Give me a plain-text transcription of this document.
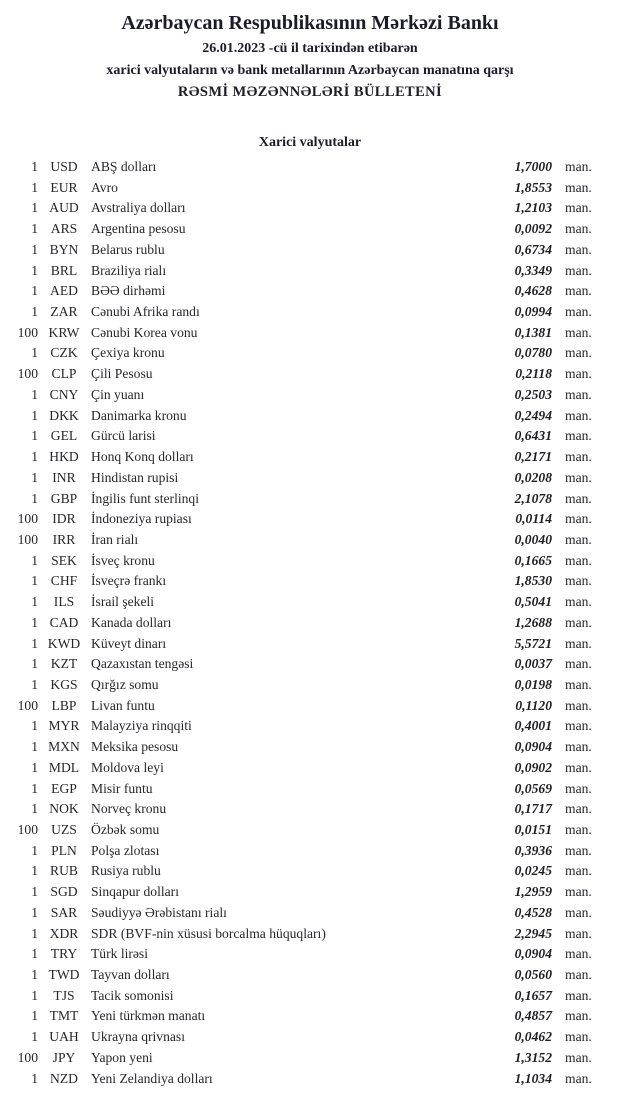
Azərbaycan Respublikasının Mərkəzi Bankı
26.01.2023 -cü il tarixindən etibarən
xarici valyutaların və bank metallarının Azərbaycan manatına qarşı
RƏSMİ MƏZƏNNƏLƏRİ BÜLLETENİ
Xarici valyutalar
1 USD ABŞ dolları	1,7000 man.
1 EUR Avro	1,8553 man.
1 AUD Avstraliya dolları	1,2103 man.
1 ARS	Argentina pesosu	0,0092 man.
1 BYN Belarus rublu	0,6734 man.
1 BRL	Braziliya rialı	0,3349 man.
1 AED BƏƏ dirhəmi	0,4628 man.
1 ZAR Cənubi Afrika randı	0,0994 man.
100 KRW Cənubi Korea vonu	0,1381 man.
1 CZK Çexiya kronu	0,0780 man.
100 CLP	Çili Pesosu	0,2118 man.
1 CNY Çin yuanı	0,2503 man.
1 DKK Danimarka kronu	0,2494 man.
1 GEL	Gürcü larisi	0,6431 man.
1 HKD Honq Konq dolları	0,2171 man.
1	INR	Hindistan rupisi	0,0208 man.
1 GBP	İngilis funt sterlinqi	2,1078 man.
100	IDR	İndoneziya rupiası	0,0114 man.
100	IRR	İran rialı	0,0040 man.
1 SEK	İsveç kronu	0,1665 man.
1 CHF	İsveçrə frankı	1,8530 man.
1	ILS	İsrail şekeli	0,5041 man.
1 CAD Kanada dolları	1,2688 man.
1 KWD Küveyt dinarı	5,5721 man.
1 KZT	Qazaxıstan tengəsi	0,0037 man.
1 KGS Qırğız somu	0,0198 man.
100 LBP	Livan funtu	0,1120 man.
1 MYR Malayziya rinqqiti	0,4001 man.
1 MXN Meksika pesosu	0,0904 man.
1 MDL Moldova leyi	0,0902 man.
1 EGP	Misir funtu	0,0569 man.
1 NOK Norveç kronu	0,1717 man.
100 UZS	Özbək somu	0,0151 man.
1 PLN	Polşa zlotası	0,3936 man.
1 RUB Rusiya rublu	0,0245 man.
1 SGD Sinqapur dolları	1,2959 man.
1 SAR	Səudiyyə Ərəbistanı rialı	0,4528 man.
1 XDR SDR (BVF-nin xüsusi borcalma hüquqları)	2,2945 man.
1 TRY	Türk lirəsi	0,0904 man.
1 TWD Tayvan dolları	0,0560 man.
1	TJS	Tacik somonisi	0,1657 man.
1 TMT Yeni türkmən manatı	0,4857 man.
1 UAH Ukrayna qrivnası	0,0462 man.
100	JPY	Yapon yeni	1,3152 man.
1 NZD Yeni Zelandiya dolları	1,1034 man.
